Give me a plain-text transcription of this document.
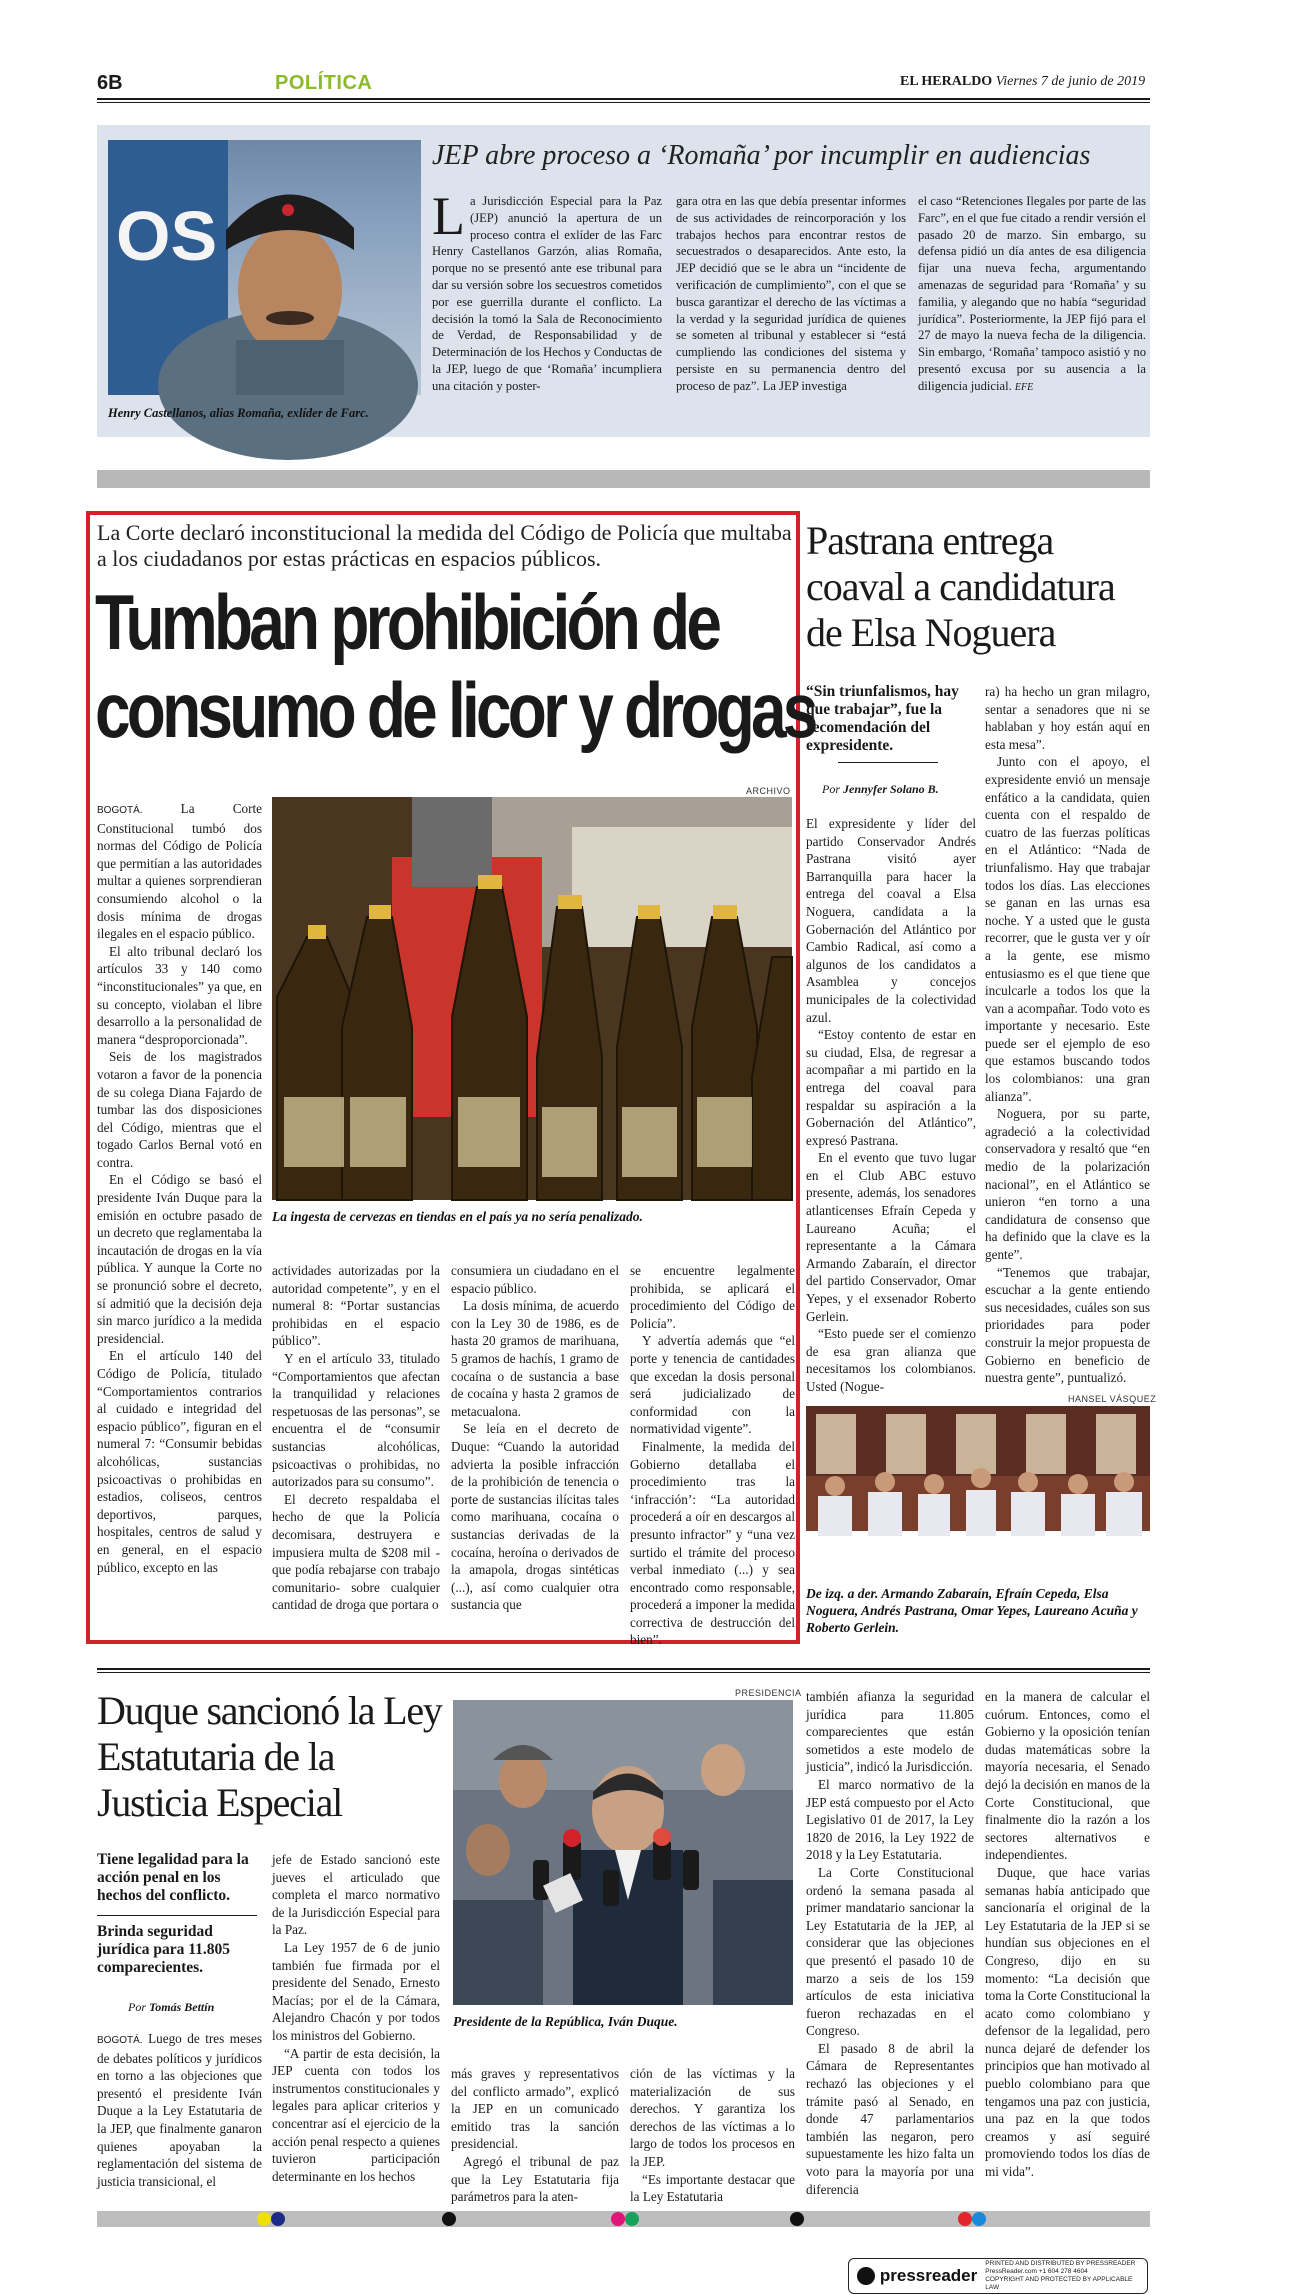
6B	POLÍTICA	EL HERALDO Viernes 7 de junio de 2019
OS
Henry Castellanos, alias Romaña, exlíder de Farc.
JEP abre proceso a ‘Romaña’ por incumplir en audiencias
La Jurisdicción Especial para la Paz (JEP) anunció la apertura de un proceso contra el exlíder de las Farc Henry Castellanos Garzón, alias Romaña, porque no se presentó ante ese tribunal para dar su versión sobre los secuestros cometidos por ese guerrilla durante el conflicto. La decisión la tomó la Sala de Reconocimiento de Verdad, de Responsabilidad y de Determinación de los Hechos y Conductas de la JEP, luego de que ‘Romaña’ incumpliera una citación y poster-
gara otra en las que debía presentar informes de sus actividades de reincorporación y los trabajos hechos para encontrar restos de secuestrados o desaparecidos. Ante esto, la JEP decidió que se le abra un “incidente de verificación de cumplimiento”, con el que se busca garantizar el derecho de las víctimas a la verdad y la seguridad jurídica de quienes se someten al tribunal y establecer si “está cumpliendo las condiciones del sistema y persiste en su permanencia dentro del proceso de paz”. La JEP investiga
el caso “Retenciones Ilegales por parte de las Farc”, en el que fue citado a rendir versión el pasado 20 de marzo. Sin embargo, su defensa pidió un día antes de esa diligencia fijar una nueva fecha, argumentando amenazas de seguridad para ‘Romaña’ y su familia, y alegando que no había “seguridad jurídica”. Posteriormente, la JEP fijó para el 27 de mayo la nueva fecha de la diligencia. Sin embargo, ‘Romaña’ tampoco asistió y no presentó excusa por su ausencia a la diligencia judicial. EFE
La Corte declaró inconstitucional la medida del Código de Policía que multaba a los ciudadanos por estas prácticas en espacios públicos.
Tumban prohibición de
consumo de licor y drogas
ARCHIVO
La ingesta de cervezas en tiendas en el país ya no sería penalizado.

BOGOTÁ.	La Corte Constitucional tumbó dos normas del Código de Policía que permitían a las autoridades multar a quienes sorprendieran consumiendo alcohol o la dosis mínima de drogas ilegales en el espacio público.

El alto tribunal declaró los artículos 33 y 140 como “inconstitucionales” ya que, en su concepto, violaban el libre desarrollo a la personalidad de manera “desproporcionada”.

Seis de los magistrados votaron a favor de la ponencia de su colega Diana Fajardo de tumbar las dos disposiciones del Código, mientras que el togado Carlos Bernal votó en contra.

En el Código se basó el presidente Iván Duque para la emisión en octubre pasado de un decreto que reglamentaba la incautación de drogas en la vía pública. Y aunque la Corte no se pronunció sobre el decreto, sí admitió que la decisión deja sin marco jurídico a la medida presidencial.

En el artículo 140 del Código de Policía, titulado “Comportamientos contrarios al cuidado e integridad del espacio público”, figuran en el numeral 7: “Consumir bebidas alcohólicas, sustancias psicoactivas o prohibidas en estadios, coliseos, centros deportivos, parques, hospitales, centros de salud y en general, en el espacio público, excepto en las

actividades autorizadas por la autoridad competente”, y en el numeral 8: “Portar sustancias prohibidas en el espacio público”.

Y en el artículo 33, titulado “Comportamientos que afectan la tranquilidad y relaciones respetuosas de las personas”, se encuentra el de “consumir sustancias alcohólicas, psicoactivas o prohibidas, no autorizados para su consumo”.

El decreto respaldaba el hecho de que la Policía decomisara, destruyera e impusiera multa de $208 mil -que podía rebajarse con trabajo comunitario- sobre cualquier cantidad de droga que portara o

consumiera un ciudadano en el espacio público.

La dosis mínima, de acuerdo con la Ley 30 de 1986, es de hasta 20 gramos de marihuana, 5 gramos de hachís, 1 gramo de cocaína o de sustancia a base de cocaína y hasta 2 gramos de metacualona.

Se leía en el decreto de Duque: “Cuando la autoridad advierta la posible infracción de la prohibición de tenencia o porte de sustancias ilícitas tales como marihuana, cocaína o sustancias derivadas de la cocaína, heroína o derivados de la amapola, drogas sintéticas (...), así como cualquier otra sustancia que

se encuentre legalmente prohibida, se aplicará el procedimiento del Código de Policía”.

Y advertía además que “el porte y tenencia de cantidades que excedan la dosis personal será judicializado de conformidad con la normatividad vigente”.

Finalmente, la medida del Gobierno detallaba el procedimiento tras la ‘infracción’: “La autoridad procederá a oír en descargos al presunto infractor” y “una vez surtido el trámite del proceso verbal inmediato (...) y sea encontrado como responsable, procederá a imponer la medida correctiva de destrucción del bien”.

Pastrana entrega coaval a candidatura de Elsa Noguera
“Sin triunfalismos, hay que trabajar”, fue la recomendación del expresidente.
Por Jennyfer Solano B.

El expresidente y líder del partido Conservador Andrés Pastrana visitó ayer Barranquilla para hacer la entrega del coaval a Elsa Noguera, candidata a la Gobernación del Atlántico por Cambio Radical, así como a algunos de los candidatos a Asamblea y concejos municipales de la colectividad azul.

“Estoy contento de estar en su ciudad, Elsa, de regresar a acompañar a mi partido en la entrega del coaval para respaldar su aspiración a la Gobernación del Atlántico”, expresó Pastrana.

En el evento que tuvo lugar en el Club ABC estuvo presente, además, los senadores atlanticenses Efraín Cepeda y Laureano Acuña; el representante a la Cámara Armando Zabaraín, el director del partido Conservador, Omar Yepes, y el exsenador Roberto Gerlein.

“Esto puede ser el comienzo de esa gran alianza que necesitamos los colombianos. Usted (Nogue-

ra) ha hecho un gran milagro, sentar a senadores que ni se hablaban y hoy están aquí en esta mesa”.

Junto con el apoyo, el expresidente envió un mensaje enfático a la candidata, quien cuenta con el respaldo de cuatro de las fuerzas políticas en el Atlántico: “Nada de triunfalismo. Hay que trabajar todos los días. Las elecciones se ganan en las urnas esa noche. Y a usted que le gusta recorrer, que le gusta ver y oír a la gente, ese mismo entusiasmo es el que tiene que inculcarle a todos los que la van a acompañar. Todo voto es importante y necesario. Este puede ser el ejemplo de eso que estamos buscando todos los colombianos: una gran alianza”.

Noguera, por su parte, agradeció a la colectividad conservadora y resaltó que “en medio de la polarización nacional”, en el Atlántico se unieron “en torno a una candidatura de consenso que ha definido que la clave es la gente”.

“Tenemos que trabajar, escuchar a la gente entiendo sus necesidades, cuáles son sus prioridades para poder construir la mejor propuesta de Gobierno en beneficio de nuestra gente”, puntualizó.

HANSEL VÁSQUEZ
De izq. a der. Armando Zabaraín, Efraín Cepeda, Elsa Noguera, Andrés Pastrana, Omar Yepes, Laureano Acuña y Roberto Gerlein.
Duque sancionó la Ley Estatutaria de la Justicia Especial
Tiene legalidad para la acción penal en los hechos del conflicto.
Brinda seguridad jurídica para 11.805 comparecientes.
Por Tomás Bettín

BOGOTÁ. Luego de tres meses de debates políticos y jurídicos en torno a las objeciones que presentó el presidente Iván Duque a la Ley Estatutaria de la JEP, que finalmente ganaron quienes apoyaban la reglamentación del sistema de justicia transicional, el

jefe de Estado sancionó este jueves el articulado que completa el marco normativo de la Jurisdicción Especial para la Paz.

La Ley 1957 de 6 de junio también fue firmada por el presidente del Senado, Ernesto Macías; por el de la Cámara, Alejandro Chacón y por todos los ministros del Gobierno.

“A partir de esta decisión, la JEP cuenta con todos los instrumentos constitucionales y legales para aplicar criterios y concentrar así el ejercicio de la acción penal respecto a quienes tuvieron participación determinante en los hechos

PRESIDENCIA
Presidente de la República, Iván Duque.

más graves y representativos del conflicto armado”, explicó la JEP en un comunicado emitido tras la sanción presidencial.

Agregó el tribunal de paz que la Ley Estatutaria fija parámetros para la aten-

ción de las víctimas y la materialización de sus derechos. Y garantiza los derechos de las víctimas a lo largo de todos los procesos en la JEP.

“Es importante destacar que la Ley Estatutaria

también afianza la seguridad jurídica para 11.805 comparecientes que están sometidos a este modelo de justicia”, indicó la Jurisdicción.

El marco normativo de la JEP está compuesto por el Acto Legislativo 01 de 2017, la Ley 1820 de 2016, la Ley 1922 de 2018 y la Ley Estatutaria.

La Corte Constitucional ordenó la semana pasada al primer mandatario sancionar la Ley Estatutaria de la JEP, al considerar que las objeciones que presentó el pasado 10 de marzo a seis de los 159 artículos de esta iniciativa fueron rechazadas en el Congreso.

El pasado 8 de abril la Cámara de Representantes rechazó las objeciones y el trámite pasó al Senado, en donde 47 parlamentarios también las negaron, pero supuestamente les hizo falta un voto para la mayoría por una diferencia

en la manera de calcular el cuórum. Entonces, como el Gobierno y la oposición tenían dudas matemáticas sobre la mayoría necesaria, el Senado dejó la decisión en manos de la Corte Constitucional, que finalmente dio la razón a los sectores alternativos e independientes.

Duque, que hace varias semanas había anticipado que sancionaría el original de la Ley Estatutaria de la JEP si se hundían sus objeciones en el Congreso, dijo en su momento: “La decisión que toma la Corte Constitucional la acato como colombiano y defensor de la legalidad, pero nunca dejaré de defender los principios que han motivado al pueblo colombiano para que tengamos una paz con justicia, una paz en la que todos creamos y así seguiré promoviendo todos los días de mi vida”.

pressreader
PRINTED AND DISTRIBUTED BY PRESSREADER
PressReader.com +1 604 278 4604
COPYRIGHT AND PROTECTED BY APPLICABLE LAW
